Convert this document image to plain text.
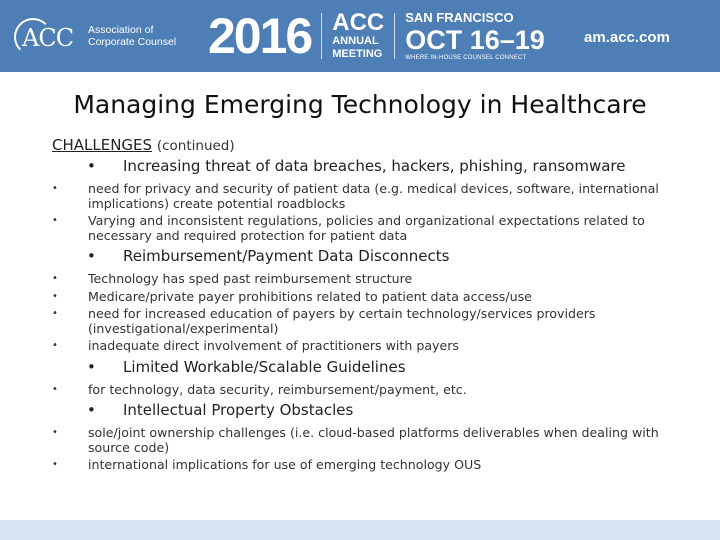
ACC Association of
Corporate Counsel 2016 ACC
ANNUAL
MEETING
SAN FRANCISCO
OCT 16–19
WHERE IN-HOUSE COUNSEL CONNECT
am.acc.com
Managing Emerging Technology in Healthcare
CHALLENGES (continued)
• Increasing threat of data breaches, hackers, phishing, ransomware
• need for privacy and security of patient data (e.g. medical devices, software, international implications) create potential roadblocks
• Varying and inconsistent regulations, policies and organizational expectations related to necessary and required protection for patient data
• Reimbursement/Payment Data Disconnects
• Technology has sped past reimbursement structure
• Medicare/private payer prohibitions related to patient data access/use
• need for increased education of payers by certain technology/services providers (investigational/experimental)
• inadequate direct involvement of practitioners with payers
• Limited Workable/Scalable Guidelines
• for technology, data security, reimbursement/payment, etc.
• Intellectual Property Obstacles
• sole/joint ownership challenges (i.e. cloud-based platforms deliverables when dealing with source code)
• international implications for use of emerging technology OUS
